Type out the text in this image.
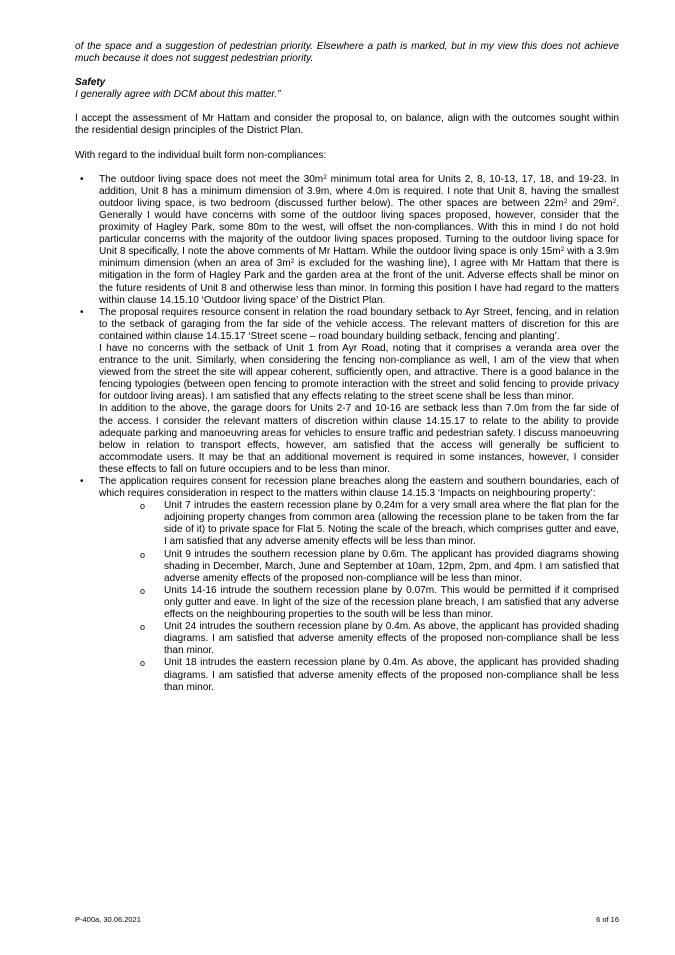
of the space and a suggestion of pedestrian priority. Elsewhere a path is marked, but in my view this does not achieve much because it does not suggest pedestrian priority.

Safety

I generally agree with DCM about this matter.”

I accept the assessment of Mr Hattam and consider the proposal to, on balance, align with the outcomes sought within the residential design principles of the District Plan.

With regard to the individual built form non-compliances:

• The outdoor living space does not meet the $30m^2$ minimum total area for Units 2, 8, 10-13, 17, 18, and 19-23. In addition, Unit 8 has a minimum dimension of 3.9m, where 4.0m is required. I note that Unit 8, having the smallest outdoor living space, is two bedroom (discussed further below). The other spaces are between $22m^2$ and $29m^2$. Generally I would have concerns with some of the outdoor living spaces proposed, however, consider that the proximity of Hagley Park, some 80m to the west, will offset the non-compliances. With this in mind I do not hold particular concerns with the majority of the outdoor living spaces proposed. Turning to the outdoor living space for Unit 8 specifically, I note the above comments of Mr Hattam. While the outdoor living space is only $15m^2$ with a 3.9m minimum dimension (when an area of $3m^2$ is excluded for the washing line), I agree with Mr Hattam that there is mitigation in the form of Hagley Park and the garden area at the front of the unit. Adverse effects shall be minor on the future residents of Unit 8 and otherwise less than minor. In forming this position I have had regard to the matters within clause 14.15.10 ‘Outdoor living space’ of the District Plan.

• The proposal requires resource consent in relation the road boundary setback to Ayr Street, fencing, and in relation to the setback of garaging from the far side of the vehicle access. The relevant matters of discretion for this are contained within clause 14.15.17 ‘Street scene – road boundary building setback, fencing and planting’.

I have no concerns with the setback of Unit 1 from Ayr Road, noting that it comprises a veranda area over the entrance to the unit. Similarly, when considering the fencing non-compliance as well, I am of the view that when viewed from the street the site will appear coherent, sufficiently open, and attractive. There is a good balance in the fencing typologies (between open fencing to promote interaction with the street and solid fencing to provide privacy for outdoor living areas). I am satisfied that any effects relating to the street scene shall be less than minor.

In addition to the above, the garage doors for Units 2-7 and 10-16 are setback less than 7.0m from the far side of the access. I consider the relevant matters of discretion within clause 14.15.17 to relate to the ability to provide adequate parking and manoeuvring areas for vehicles to ensure traffic and pedestrian safety. I discuss manoeuvring below in relation to transport effects, however, am satisfied that the access will generally be sufficient to accommodate users. It may be that an additional movement is required in some instances, however, I consider these effects to fall on future occupiers and to be less than minor.

• The application requires consent for recession plane breaches along the eastern and southern boundaries, each of which requires consideration in respect to the matters within clause 14.15.3 ‘Impacts on neighbouring property’:

o Unit 7 intrudes the eastern recession plane by 0.24m for a very small area where the flat plan for the adjoining property changes from common area (allowing the recession plane to be taken from the far side of it) to private space for Flat 5. Noting the scale of the breach, which comprises gutter and eave, I am satisfied that any adverse amenity effects will be less than minor.

o Unit 9 intrudes the southern recession plane by 0.6m. The applicant has provided diagrams showing shading in December, March, June and September at 10am, 12pm, 2pm, and 4pm. I am satisfied that adverse amenity effects of the proposed non-compliance will be less than minor.

o Units 14-16 intrude the southern recession plane by 0.07m. This would be permitted if it comprised only gutter and eave. In light of the size of the recession plane breach, I am satisfied that any adverse effects on the neighbouring properties to the south will be less than minor.

o Unit 24 intrudes the southern recession plane by 0.4m. As above, the applicant has provided shading diagrams. I am satisfied that adverse amenity effects of the proposed non-compliance shall be less than minor.

o Unit 18 intrudes the eastern recession plane by 0.4m. As above, the applicant has provided shading diagrams. I am satisfied that adverse amenity effects of the proposed non-compliance shall be less than minor.

P-400a, 30.06.2021	6 of 16
